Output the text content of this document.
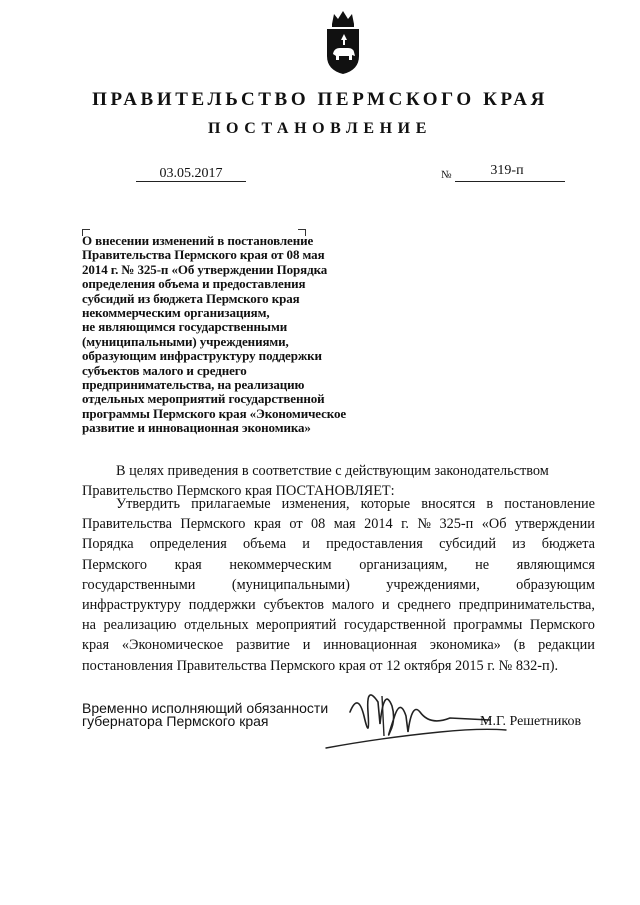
ПРАВИТЕЛЬСТВО ПЕРМСКОГО КРАЯ
ПОСТАНОВЛЕНИЕ
03.05.2017	№	319-п
О внесении изменений в постановление
Правительства Пермского края от 08 мая
2014 г. № 325-п «Об утверждении Порядка
определения объема и предоставления
субсидий из бюджета Пермского края
некоммерческим организациям,
не являющимся государственными
(муниципальными) учреждениями,
образующим инфраструктуру поддержки
субъектов малого и среднего
предпринимательства, на реализацию
отдельных мероприятий государственной
программы Пермского края «Экономическое
развитие и инновационная экономика»
В целях приведения в соответствие с действующим законодательством
Правительство Пермского края ПОСТАНОВЛЯЕТ:
Утвердить прилагаемые изменения, которые вносятся в постановление
Правительства Пермского края от 08 мая 2014 г. № 325-п «Об утверждении
Порядка определения объема и предоставления субсидий из бюджета
Пермского края некоммерческим организациям, не являющимся
государственными	(муниципальными)	учреждениями,	образующим
инфраструктуру поддержки субъектов малого и среднего предпринимательства,
на реализацию отдельных мероприятий государственной программы Пермского
края «Экономическое развитие и инновационная экономика» (в редакции
постановления Правительства Пермского края от 12 октября 2015 г. № 832-п).
Временно исполняющий обязанности
губернатора Пермского края	М.Г. Решетников
